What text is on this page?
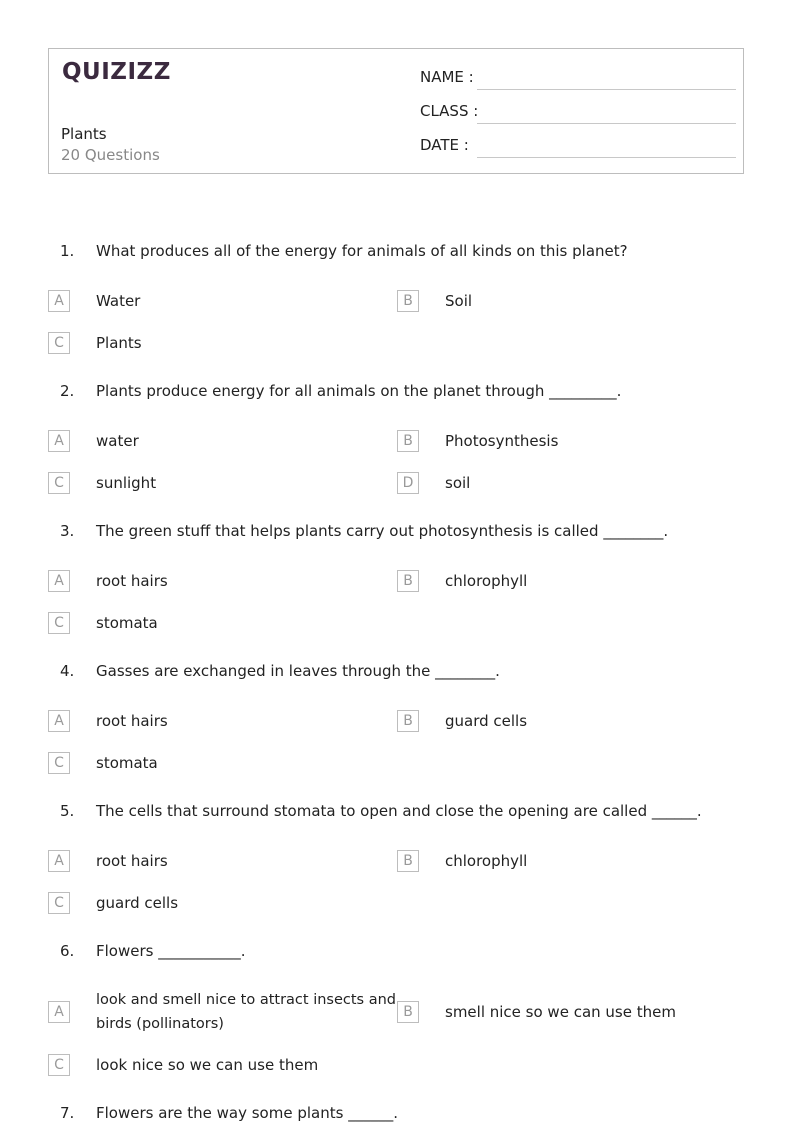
QUIZIZZ
Plants
20 Questions
NAME :
CLASS :
DATE :
1. What produces all of the energy for animals of all kinds on this planet?
A	Water	B	Soil
C	Plants
2. Plants produce energy for all animals on the planet through _________.
A	water	B	Photosynthesis
C	sunlight	D	soil
3. The green stuff that helps plants carry out photosynthesis is called ________.
A	root hairs	B	chlorophyll
C	stomata
4. Gasses are exchanged in leaves through the ________.
A	root hairs	B	guard cells
C	stomata
5. The cells that surround stomata to open and close the opening are called ______.
A	root hairs	B	chlorophyll
C	guard cells
6. Flowers ___________.
A
look and smell nice to attract insects and birds (pollinators)
B	smell nice so we can use them
C	look nice so we can use them
7. Flowers are the way some plants ______.
